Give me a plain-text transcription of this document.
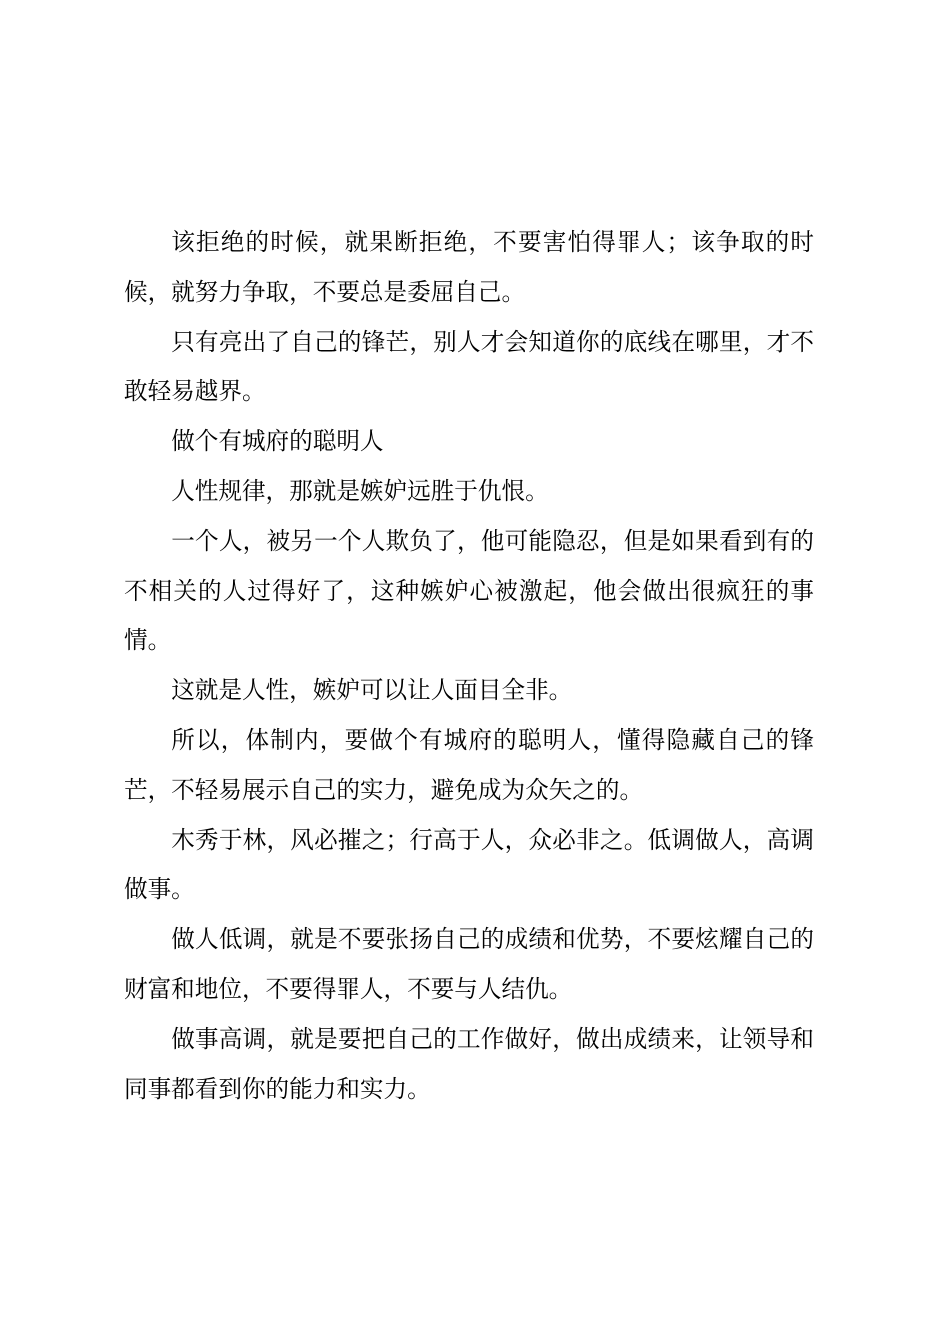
该拒绝的时候，就果断拒绝，不要害怕得罪人；该争取的时候，就努力争取，不要总是委屈自己。

只有亮出了自己的锋芒，别人才会知道你的底线在哪里，才不敢轻易越界。

做个有城府的聪明人

人性规律，那就是嫉妒远胜于仇恨。

一个人，被另一个人欺负了，他可能隐忍，但是如果看到有的不相关的人过得好了，这种嫉妒心被激起，他会做出很疯狂的事情。

这就是人性，嫉妒可以让人面目全非。

所以，体制内，要做个有城府的聪明人，懂得隐藏自己的锋芒，不轻易展示自己的实力，避免成为众矢之的。

木秀于林，风必摧之；行高于人，众必非之。低调做人，高调做事。

做人低调，就是不要张扬自己的成绩和优势，不要炫耀自己的财富和地位，不要得罪人，不要与人结仇。

做事高调，就是要把自己的工作做好，做出成绩来，让领导和同事都看到你的能力和实力。
